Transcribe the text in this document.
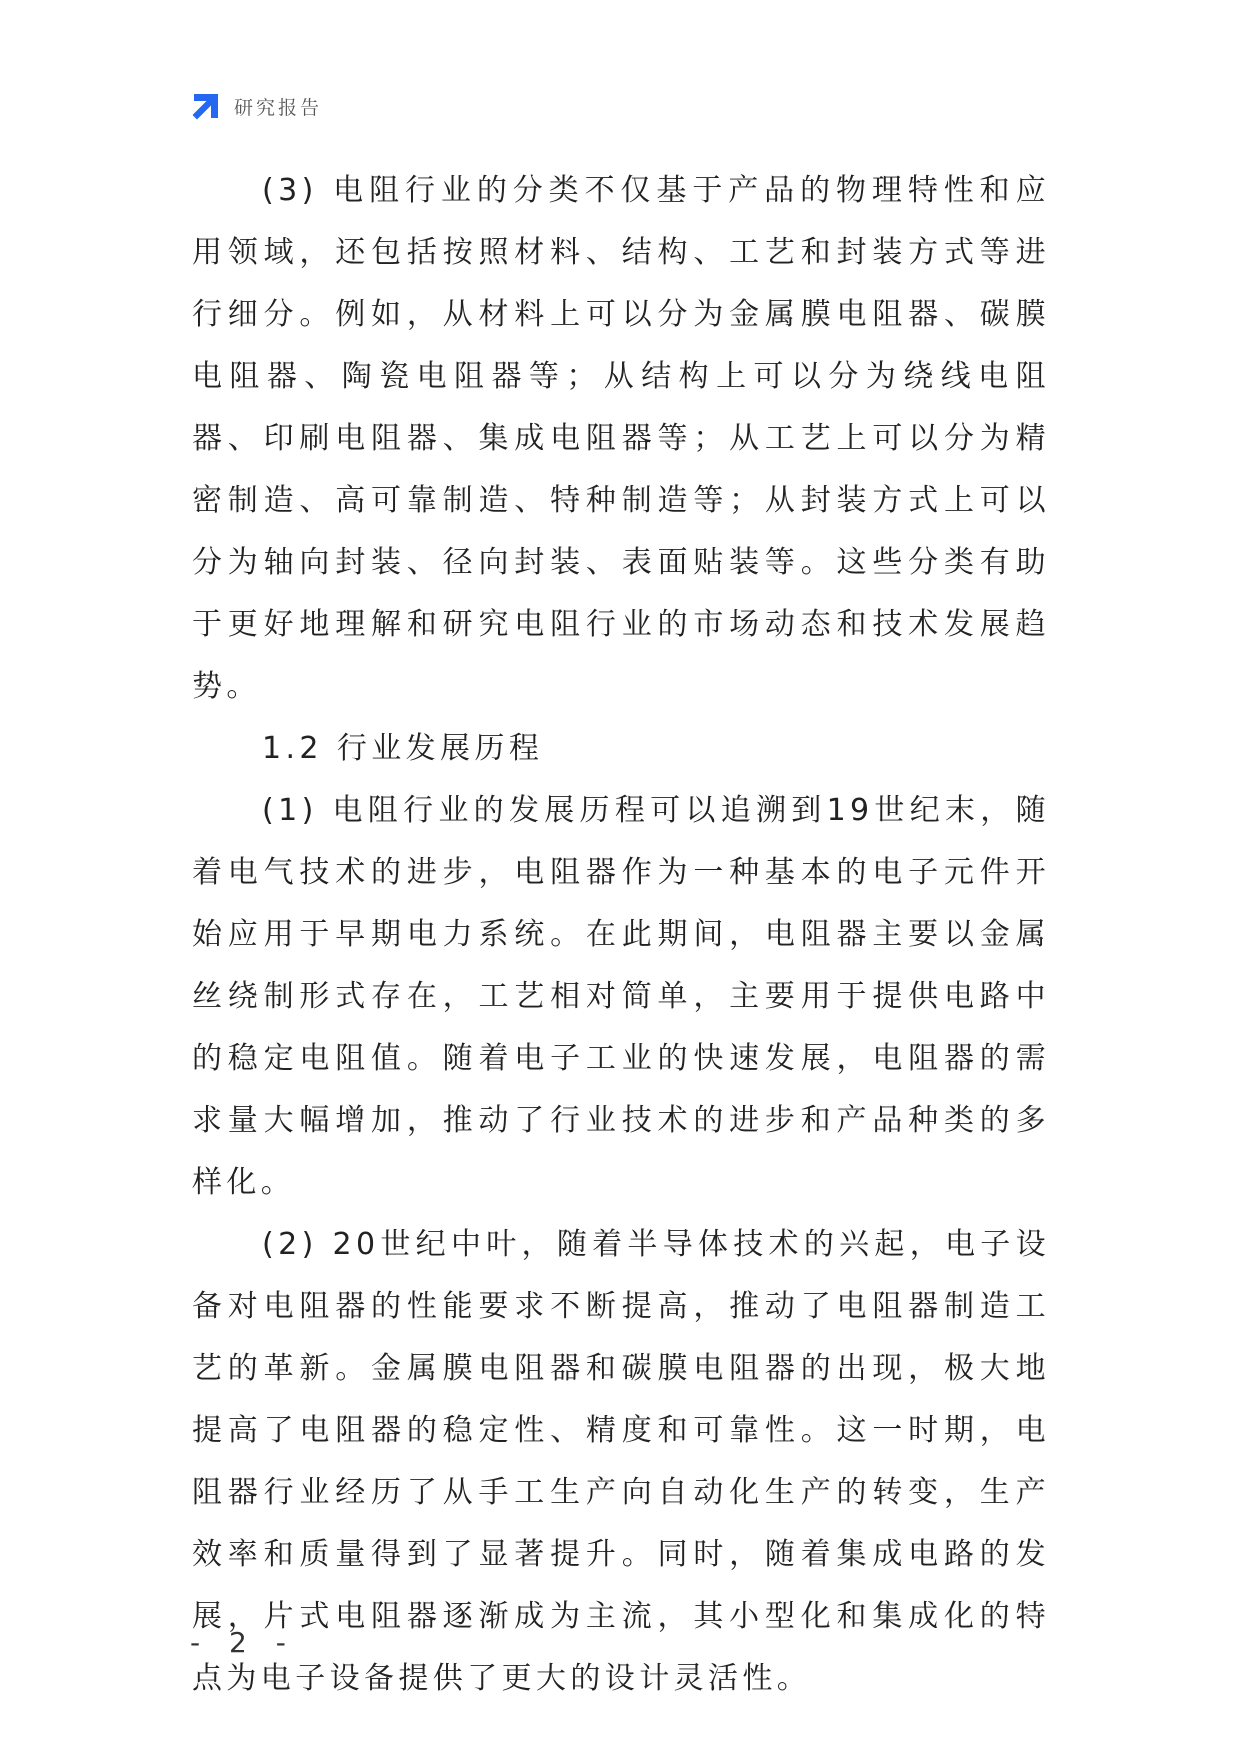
研究报告

(3) 电阻行业的分类不仅基于产品的物理特性和应用领域，还包括按照材料、结构、工艺和封装方式等进行细分。例如，从材料上可以分为金属膜电阻器、碳膜电阻器、陶瓷电阻器等；从结构上可以分为绕线电阻器、印刷电阻器、集成电阻器等；从工艺上可以分为精密制造、高可靠制造、特种制造等；从封装方式上可以分为轴向封装、径向封装、表面贴装等。这些分类有助于更好地理解和研究电阻行业的市场动态和技术发展趋势。

1.2 行业发展历程

(1) 电阻行业的发展历程可以追溯到19世纪末，随着电气技术的进步，电阻器作为一种基本的电子元件开始应用于早期电力系统。在此期间，电阻器主要以金属丝绕制形式存在，工艺相对简单，主要用于提供电路中的稳定电阻值。随着电子工业的快速发展，电阻器的需求量大幅增加，推动了行业技术的进步和产品种类的多样化。

(2) 20世纪中叶，随着半导体技术的兴起，电子设备对电阻器的性能要求不断提高，推动了电阻器制造工艺的革新。金属膜电阻器和碳膜电阻器的出现，极大地提高了电阻器的稳定性、精度和可靠性。这一时期，电阻器行业经历了从手工生产向自动化生产的转变，生产效率和质量得到了显著提升。同时，随着集成电路的发展，片式电阻器逐渐成为主流，其小型化和集成化的特点为电子设备提供了更大的设计灵活性。

- 2 -
